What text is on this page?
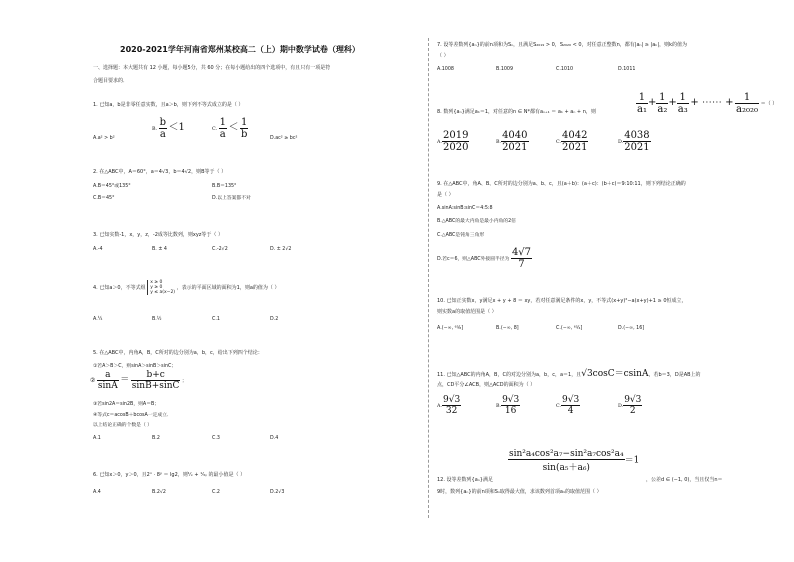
2020-2021学年河南省郑州某校高二（上）期中数学试卷（理科）
一、选择题：本大题共有 12 小题，每小题5分，共 60 分；在每小题给出的四个选项中，有且只有一项是符
合题目要求的．
1. 已知a，b是非零任意实数，且a＞b，则下列不等式成立的是（ ）
A.a² > b²
B. $\frac{b}{a} <1$	C. $\frac{1}{a} < \frac{1}{b}$	D.ac² ≥ bc²
2. 在△ABC中，A＝60°，a＝4√3，b＝4√2，则B等于（ ）
A.B＝45°或135°	B.B＝135°
C.B＝45°	D.以上答案都不对
3. 已知实数-1，x，y，z，-2成等比数列，则xyz等于（ ）
A.-4	B. ± 4	C.-2√2	D. ± 2√2
4. 已知a＞0，不等式组
x ≥ 0
y ≥ 0
y ≤ a(x−2)
，表示的平面区域的面积为1，则a的值为（ ）
A.¼	B.½	C.1	D.2
5. 在△ABC中，内角A，B，C所对的边分别为a，b，c，给出下列四个结论：
①若A＞B＞C，则sinA＞sinB＞sinC；
② $\frac{a}{\sin A} = \frac{b+c}{\sin B+\sin C}$ ；
③若sin2A＝sin2B，则A＝B；
④等式c＝acosB＋bcosA一定成立．
以上结论正确的个数是（ ）
A.1	B.2	C.3	D.4
6. 已知x＞0，y＞0，且2ˣ · 8ʸ ＝ lg2，则¹⁄ₓ + ¹⁄₃ᵧ 的最小值是（ ）
A.4	B.2√2	C.2	D.2√3
7. 设等差数列{aₙ}的前n项和为Sₙ，且满足S₂₀₁₉ > 0，S₂₀₂₀ < 0，对任意正整数n，都有|aₙ| ≥ |aₖ|，则k的值为
（ ）
A.1008	B.1009	C.1010	D.1011
8. 数列{aₙ}满足a₁＝1，对任意的n ∈ N*都有aₙ₊₁ ＝ a₁ + aₙ + n，则	$\frac{1}{\text{a₁}} + \frac{1}{\text{a₂}} + \frac{1}{\text{a₃}}$ + ⋯⋯ + $\frac{1}{\text{a₂₀₂₀}}$ ＝（ ）
A. $\frac{2019}{2020}$	B. $\frac{4040}{2021}$	C. $\frac{4042}{2021}$	D. $\frac{4038}{2021}$
9. 在△ABC中，角A、B、C所对的边分别为a、b、c，且(a＋b)：(a＋c)：(b＋c)＝9:10:11，则下列结论正确的
是（ ）
A.sinA:sinB:sinC＝4:5:8
B.△ABC的最大内角是最小内角的2倍
C.△ABC是钝角三角形
D.若c＝6，则△ABC外接圆半径为 $\frac{4√7}{7}$
10. 已知正实数x，y满足x + y + 8 ＝ xy，若对任意满足条件的x，y，不等式(x+y)²−a(x+y)+1 ≥ 0恒成立，
则实数a的取值范围是（ ）
A.(−∞, ⁶⁵⁄₈]	B.(−∞, 8]	C.(−∞, ⁶⁵⁄₄]	D.(−∞, 16]
11. 已知△ABC的内角A，B，C的对边分别为a，b，c，a＝1，且√3cosC＝csinA，若b＝3，D是AB上的
点，CD平分∠ACB，则△ACD的面积为（ ）
A. $\frac{9√3}{32}$	B. $\frac{9√3}{16}$	C. $\frac{9√3}{4}$	D. $\frac{9√3}{2}$
$\frac{\text{sin²a₄cos²a₇−sin²a₇cos²a₄}}{\text{sin(a₅＋a₆)}} =1$
12. 设等差数列{aₙ}满足	，公差d ∈ (−1, 0)，当且仅当n＝
9时，数列{aₙ}的前n项和Sₙ取得最大值，求该数列首项a₁的取值范围（ ）
